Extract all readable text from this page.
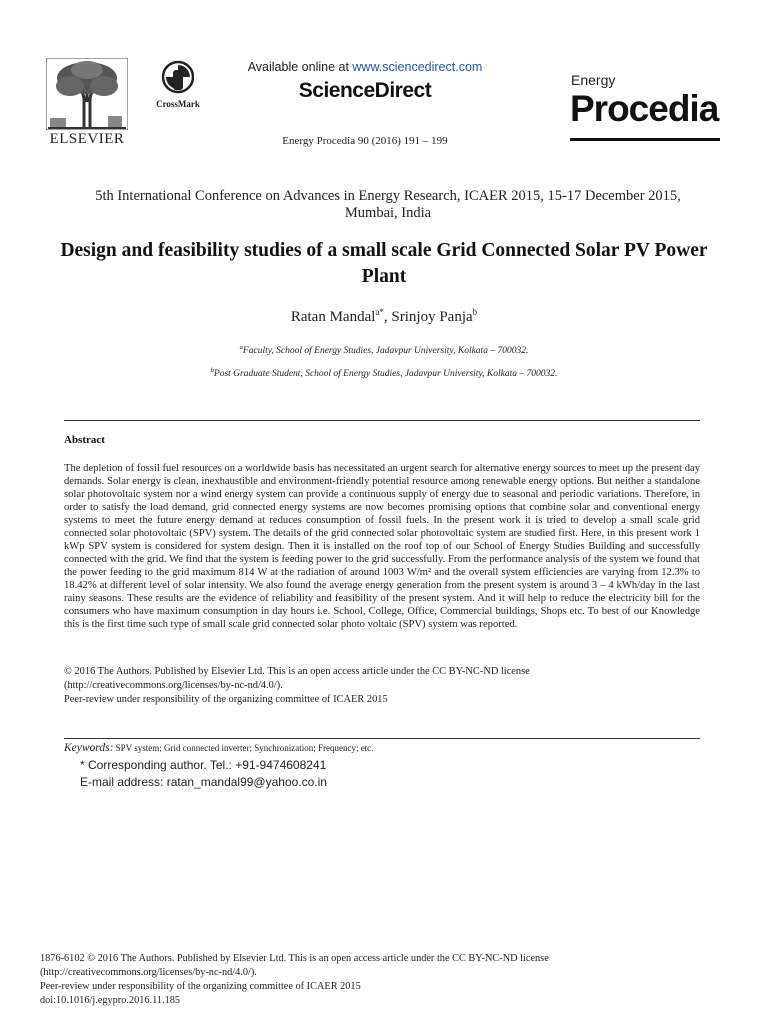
ELSEVIER
CrossMark
Available online at www.sciencedirect.com
ScienceDirect
Energy Procedia 90 (2016) 191 – 199
Energy
Procedia
5th International Conference on Advances in Energy Research, ICAER 2015, 15-17 December 2015, Mumbai, India
Design and feasibility studies of a small scale Grid Connected Solar PV Power Plant
Ratan Mandal$^{a*}$, Srinjoy Panja$^b$
$^a$Faculty, School of Energy Studies, Jadavpur University, Kolkata – 700032.
$^b$Post Graduate Student, School of Energy Studies, Jadavpur University, Kolkata – 700032.
Abstract
The depletion of fossil fuel resources on a worldwide basis has necessitated an urgent search for alternative energy sources to meet up the present day demands. Solar energy is clean, inexhaustible and environment-friendly potential resource among renewable energy options. But neither a standalone solar photovoltaic system nor a wind energy system can provide a continuous supply of energy due to seasonal and periodic variations. Therefore, in order to satisfy the load demand, grid connected energy systems are now becomes promising options that combine solar and conventional energy systems to meet the future energy demand at reduces consumption of fossil fuels. In the present work it is tried to develop a small scale grid connected solar photovoltaic (SPV) system. The details of the grid connected solar photovoltaic system are studied first. Here, in this present work 1 kWp SPV system is considered for system design. Then it is installed on the roof top of our School of Energy Studies Building and successfully connected with the grid. We find that the system is feeding power to the grid successfully. From the performance analysis of the system we found that the power feeding to the grid maximum 814 W at the radiation of around 1003 W/m² and the overall system efficiencies are varying from 12.3% to 18.42% at different level of solar intensity. We also found the average energy generation from the present system is around 3 – 4 kWh/day in the last rainy seasons. These results are the evidence of reliability and feasibility of the present system. And it will help to reduce the electricity bill for the consumers who have maximum consumption in day hours i.e. School, College, Office, Commercial buildings, Shops etc. To best of our Knowledge this is the first time such type of small scale grid connected solar photo voltaic (SPV) system was reported.
© 2016 The Authors. Published by Elsevier Ltd. This is an open access article under the CC BY-NC-ND license
(http://creativecommons.org/licenses/by-nc-nd/4.0/).
Peer-review under responsibility of the organizing committee of ICAER 2015
Keywords: SPV system; Grid connected inverter; Synchronization; Frequency; etc.
* Corresponding author. Tel.: +91-9474608241
E-mail address: ratan_mandal99@yahoo.co.in
1876-6102 © 2016 The Authors. Published by Elsevier Ltd. This is an open access article under the CC BY-NC-ND license
(http://creativecommons.org/licenses/by-nc-nd/4.0/).
Peer-review under responsibility of the organizing committee of ICAER 2015
doi:10.1016/j.egypro.2016.11.185
